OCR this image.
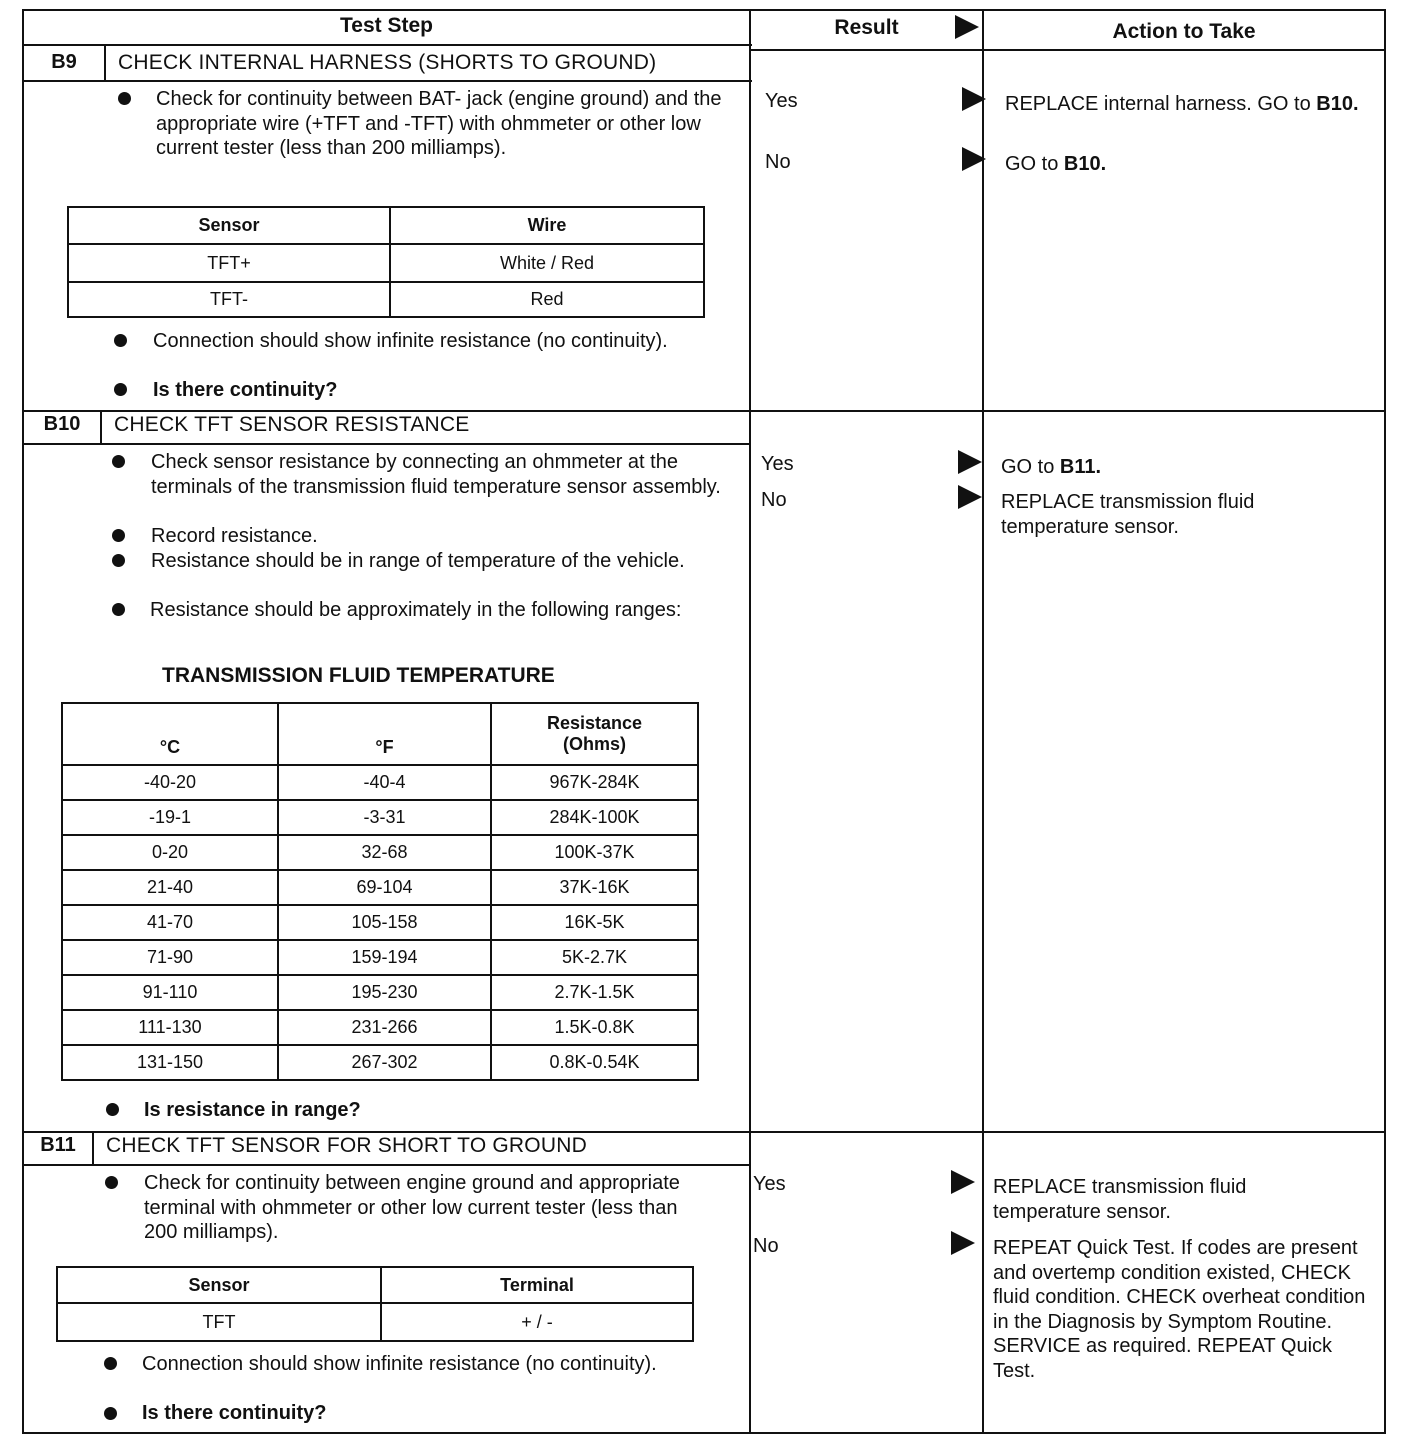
Test Step	Result	Action to Take
B9	CHECK INTERNAL HARNESS (SHORTS TO GROUND)
Check for continuity between BAT- jack (engine ground) and the appropriate wire (+TFT and -TFT) with ohmmeter or other low current tester (less than 200 milliamps).
Sensor	Wire
TFT+	White / Red
TFT-	Red
Connection should show infinite resistance (no continuity).
Is there continuity?
Yes	REPLACE internal harness. GO to B10.
No	GO to B10.
B10	CHECK TFT SENSOR RESISTANCE
Check sensor resistance by connecting an ohmmeter at the terminals of the transmission fluid temperature sensor assembly.
Record resistance.
Resistance should be in range of temperature of the vehicle.
Resistance should be approximately in the following ranges:
TRANSMISSION FLUID TEMPERATURE
°C	°F	Resistance (Ohms)
-40-20	-40-4	967K-284K
-19-1	-3-31	284K-100K
0-20	32-68	100K-37K
21-40	69-104	37K-16K
41-70	105-158	16K-5K
71-90	159-194	5K-2.7K
91-110	195-230	2.7K-1.5K
111-130	231-266	1.5K-0.8K
131-150	267-302	0.8K-0.54K
Is resistance in range?
Yes	GO to B11.
No	REPLACE transmission fluid temperature sensor.
B11	CHECK TFT SENSOR FOR SHORT TO GROUND
Check for continuity between engine ground and appropriate terminal with ohmmeter or other low current tester (less than 200 milliamps).
Sensor	Terminal
TFT	+ / -
Connection should show infinite resistance (no continuity).
Is there continuity?
Yes	REPLACE transmission fluid temperature sensor.
No	REPEAT Quick Test. If codes are present and overtemp condition existed, CHECK fluid condition. CHECK overheat condition in the Diagnosis by Symptom Routine. SERVICE as required. REPEAT Quick Test.
